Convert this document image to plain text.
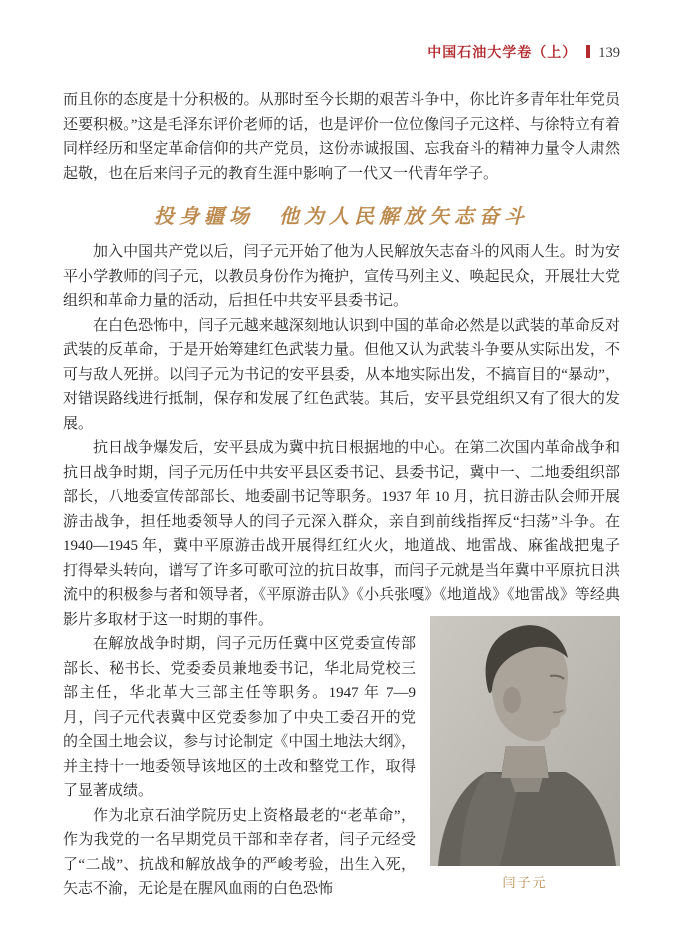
中国石油大学卷（上） 139

而且你的态度是十分积极的。从那时至今长期的艰苦斗争中，你比许多青年壮年党员还要积极。”这是毛泽东评价老师的话，也是评价一位位像闫子元这样、与徐特立有着同样经历和坚定革命信仰的共产党员，这份赤诚报国、忘我奋斗的精神力量令人肃然起敬，也在后来闫子元的教育生涯中影响了一代又一代青年学子。

投身疆场　他为人民解放矢志奋斗

加入中国共产党以后，闫子元开始了他为人民解放矢志奋斗的风雨人生。时为安平小学教师的闫子元，以教员身份作为掩护，宣传马列主义、唤起民众，开展壮大党组织和革命力量的活动，后担任中共安平县委书记。

在白色恐怖中，闫子元越来越深刻地认识到中国的革命必然是以武装的革命反对武装的反革命，于是开始筹建红色武装力量。但他又认为武装斗争要从实际出发，不可与敌人死拼。以闫子元为书记的安平县委，从本地实际出发，不搞盲目的“暴动”，对错误路线进行抵制，保存和发展了红色武装。其后，安平县党组织又有了很大的发展。

抗日战争爆发后，安平县成为冀中抗日根据地的中心。在第二次国内革命战争和抗日战争时期，闫子元历任中共安平县区委书记、县委书记，冀中一、二地委组织部部长，八地委宣传部部长、地委副书记等职务。1937 年 10 月，抗日游击队会师开展游击战争，担任地委领导人的闫子元深入群众，亲自到前线指挥反“扫荡”斗争。在1940—1945 年，冀中平原游击战开展得红红火火，地道战、地雷战、麻雀战把鬼子打得晕头转向，谱写了许多可歌可泣的抗日故事，而闫子元就是当年冀中平原抗日洪流中的积极参与者和领导者，《平原游击队》《小兵张嘎》《地道战》《地雷战》等经典影片多取材于这一时期的事件。

闫子元

在解放战争时期，闫子元历任冀中区党委宣传部部长、秘书长、党委委员兼地委书记，华北局党校三部主任，华北革大三部主任等职务。1947 年 7—9 月，闫子元代表冀中区党委参加了中央工委召开的党的全国土地会议，参与讨论制定《中国土地法大纲》，并主持十一地委领导该地区的土改和整党工作，取得了显著成绩。

作为北京石油学院历史上资格最老的“老革命”，作为我党的一名早期党员干部和幸存者，闫子元经受了“二战”、抗战和解放战争的严峻考验，出生入死，矢志不渝，无论是在腥风血雨的白色恐怖
